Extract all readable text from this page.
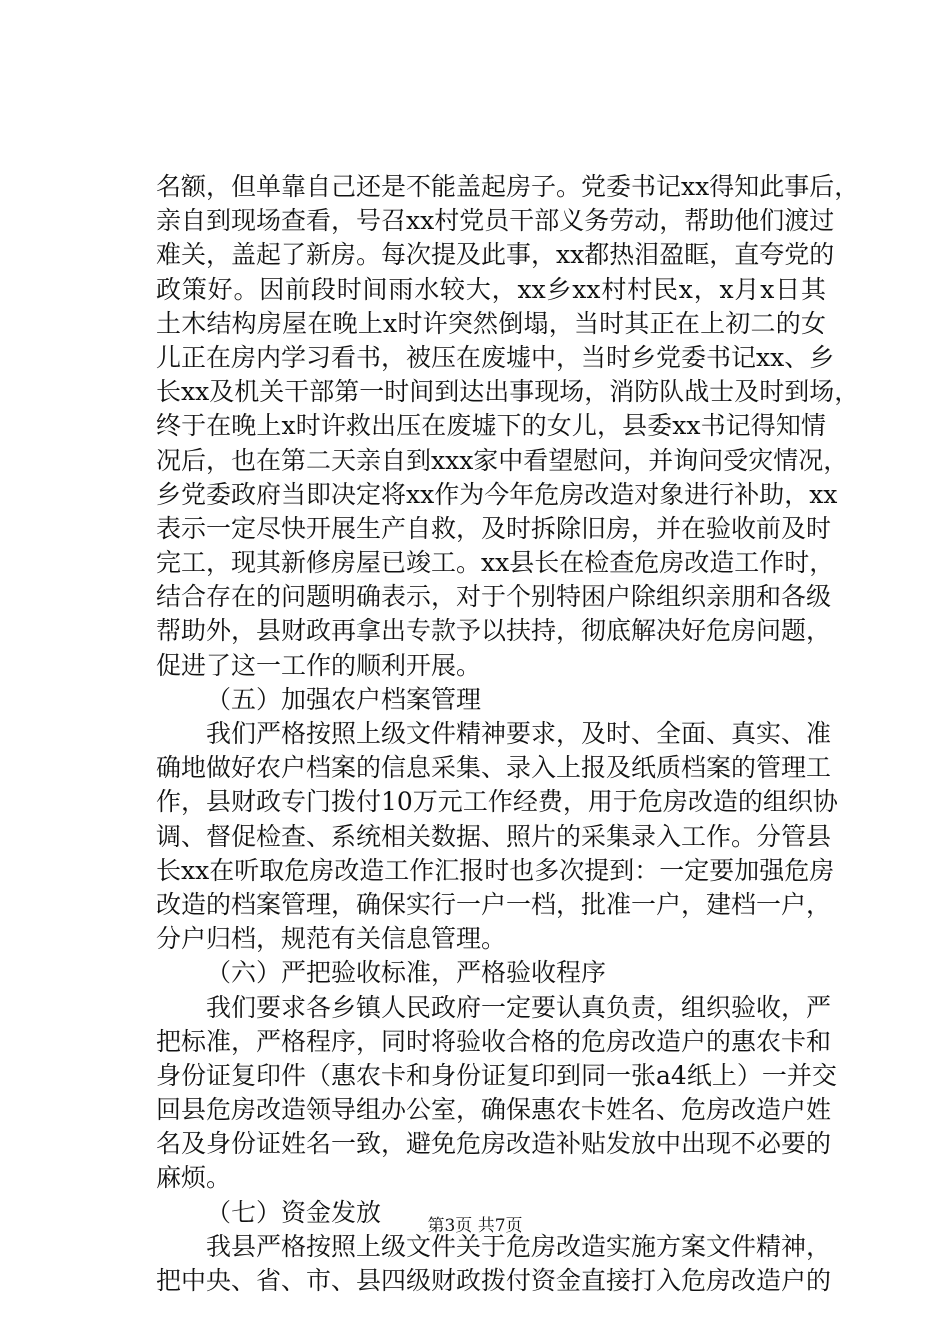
名额，但单靠自己还是不能盖起房子。党委书记xx得知此事后，
亲自到现场查看，号召xx村党员干部义务劳动，帮助他们渡过
难关，盖起了新房。每次提及此事，xx都热泪盈眶，直夸党的
政策好。因前段时间雨水较大，xx乡xx村村民x，x月x日其
土木结构房屋在晚上x时许突然倒塌，当时其正在上初二的女
儿正在房内学习看书，被压在废墟中，当时乡党委书记xx、乡
长xx及机关干部第一时间到达出事现场，消防队战士及时到场，
终于在晚上x时许救出压在废墟下的女儿，县委xx书记得知情
况后，也在第二天亲自到xxx家中看望慰问，并询问受灾情况，
乡党委政府当即决定将xx作为今年危房改造对象进行补助，xx
表示一定尽快开展生产自救，及时拆除旧房，并在验收前及时
完工，现其新修房屋已竣工。xx县长在检查危房改造工作时，
结合存在的问题明确表示，对于个别特困户除组织亲朋和各级
帮助外，县财政再拿出专款予以扶持，彻底解决好危房问题，
促进了这一工作的顺利开展。
（五）加强农户档案管理
我们严格按照上级文件精神要求，及时、全面、真实、准
确地做好农户档案的信息采集、录入上报及纸质档案的管理工
作，县财政专门拨付10万元工作经费，用于危房改造的组织协
调、督促检查、系统相关数据、照片的采集录入工作。分管县
长xx在听取危房改造工作汇报时也多次提到：一定要加强危房
改造的档案管理，确保实行一户一档，批准一户，建档一户，
分户归档，规范有关信息管理。
（六）严把验收标准，严格验收程序
我们要求各乡镇人民政府一定要认真负责，组织验收，严
把标准，严格程序，同时将验收合格的危房改造户的惠农卡和
身份证复印件（惠农卡和身份证复印到同一张a4纸上）一并交
回县危房改造领导组办公室，确保惠农卡姓名、危房改造户姓
名及身份证姓名一致，避免危房改造补贴发放中出现不必要的
麻烦。
（七）资金发放
我县严格按照上级文件关于危房改造实施方案文件精神，
把中央、省、市、县四级财政拨付资金直接打入危房改造户的
第3页 共7页
